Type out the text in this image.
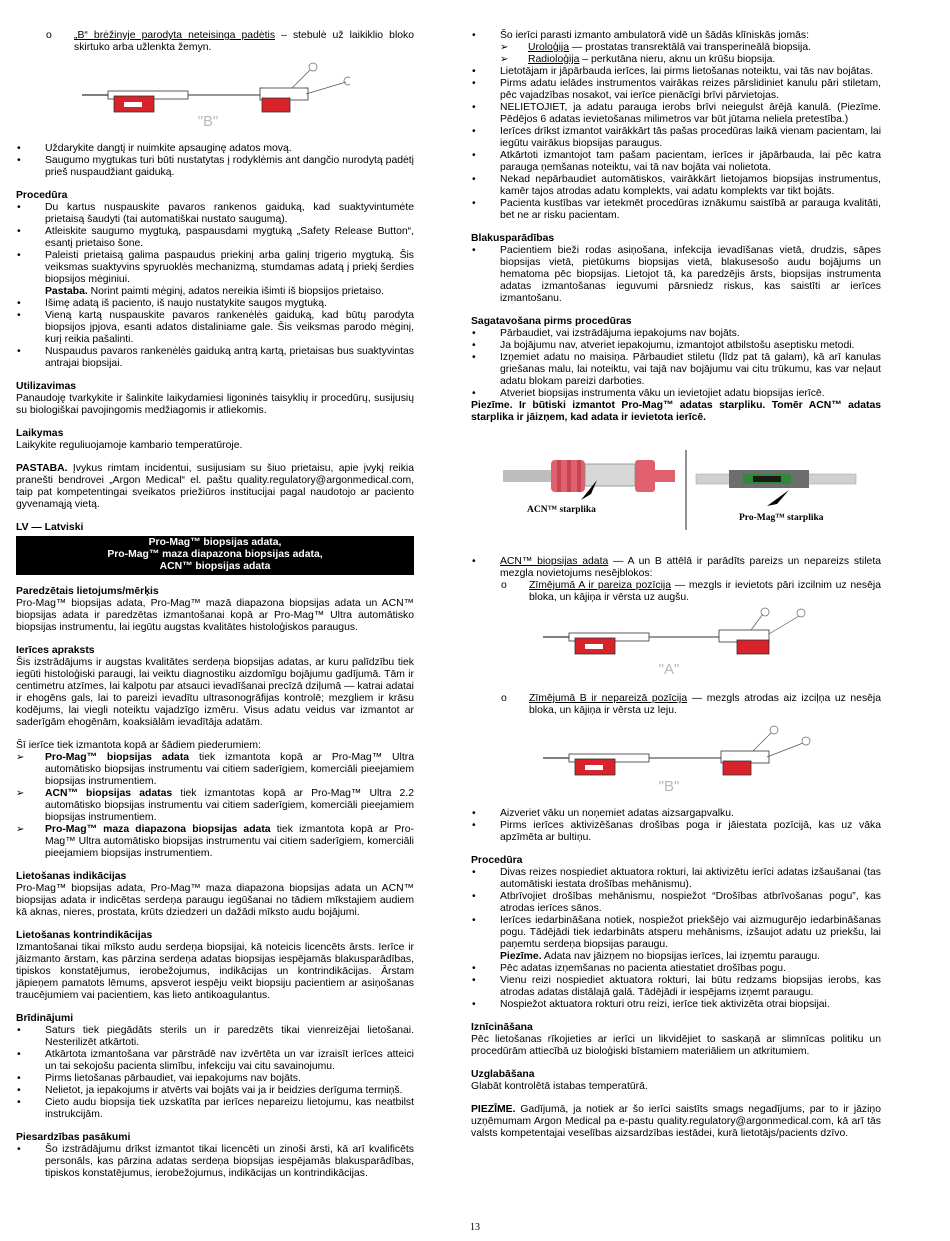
o „B“ brėžinyje parodyta neteisinga padėtis – stebulė už laikiklio bloko skirtuko arba užlenkta žemyn.
"B"
• Uždarykite dangtį ir nuimkite apsauginę adatos movą.
• Saugumo mygtukas turi būti nustatytas į rodyklėmis ant dangčio nurodytą padėtį prieš nuspaudžiant gaiduką.

Procedūra

• Du kartus nuspauskite pavaros rankenos gaiduką, kad suaktyvintumėte prietaisą šaudyti (tai automatiškai nustato saugumą).
• Atleiskite saugumo mygtuką, paspausdami mygtuką „Safety Release Button“, esantį prietaiso šone.
• Paleisti prietaisą galima paspaudus priekinį arba galinį trigerio mygtuką. Šis veiksmas suaktyvins spyruoklės mechanizmą, stumdamas adatą į priekį šerdies biopsijos mėginiui.
Pastaba. Norint paimti mėginį, adatos nereikia išimti iš biopsijos prietaiso.
• Išimę adatą iš paciento, iš naujo nustatykite saugos mygtuką.
• Vieną kartą nuspauskite pavaros rankenėlės gaiduką, kad būtų parodyta biopsijos įpjova, esanti adatos distaliniame gale. Šis veiksmas parodo mėginį, kurį reikia pašalinti.
• Nuspaudus pavaros rankenėlės gaiduką antrą kartą, prietaisas bus suaktyvintas antrajai biopsijai.

Utilizavimas

Panaudoję tvarkykite ir šalinkite laikydamiesi ligoninės taisyklių ir procedūrų, susijusių su biologiškai pavojingomis medžiagomis ir atliekomis.

Laikymas

Laikykite reguliuojamoje kambario temperatūroje.

PASTABA. Įvykus rimtam incidentui, susijusiam su šiuo prietaisu, apie įvykį reikia pranešti bendrovei „Argon Medical“ el. paštu quality.regulatory@argonmedical.com, taip pat kompetentingai sveikatos priežiūros institucijai pagal naudotojo ar paciento gyvenamąją vietą.

LV — Latviski

Pro-Mag™ biopsijas adata,
Pro-Mag™ maza diapazona biopsijas adata,
ACN™ biopsijas adata

Paredzētais lietojums/mērķis

Pro-Mag™ biopsijas adata, Pro-Mag™ mazā diapazona biopsijas adata un ACN™ biopsijas adata ir paredzētas izmantošanai kopā ar Pro-Mag™ Ultra automātisko biopsijas instrumentu, lai iegūtu augstas kvalitātes histoloģiskos paraugus.

Ierīces apraksts

Šis izstrādājums ir augstas kvalitātes serdeņa biopsijas adatas, ar kuru palīdzību tiek iegūti histoloģiski paraugi, lai veiktu diagnostiku aizdomīgu bojājumu gadījumā. Tām ir centimetru atzīmes, lai kalpotu par atsauci ievadīšanai precīzā dziļumā — katrai adatai ir ehogēns gals, lai to pareizi ievadītu ultrasonogrāfijas kontrolē; mezgliem ir krāsu kodējums, lai viegli noteiktu vajadzīgo izmēru. Visus adatu veidus var izmantot ar saderīgām ehogēnām, koaksiālām ievadītāja adatām.

Šī ierīce tiek izmantota kopā ar šādiem piederumiem:

➢ Pro-Mag™ biopsijas adata tiek izmantota kopā ar Pro-Mag™ Ultra automātisko biopsijas instrumentu vai citiem saderīgiem, komerciāli pieejamiem biopsijas instrumentiem.
➢ ACN™ biopsijas adatas tiek izmantotas kopā ar Pro-Mag™ Ultra 2.2 automātisko biopsijas instrumentu vai citiem saderīgiem, komerciāli pieejamiem biopsijas instrumentiem.
➢ Pro-Mag™ maza diapazona biopsijas adata tiek izmantota kopā ar Pro-Mag™ Ultra automātisko biopsijas instrumentu vai citiem saderīgiem, komerciāli pieejamiem biopsijas instrumentiem.

Lietošanas indikācijas

Pro-Mag™ biopsijas adata, Pro-Mag™ maza diapazona biopsijas adata un ACN™ biopsijas adata ir indicētas serdeņa paraugu iegūšanai no tādiem mīkstajiem audiem kā aknas, nieres, prostata, krūts dziedzeri un dažādi mīksto audu bojājumi.

Lietošanas kontrindikācijas

Izmantošanai tikai mīksto audu serdeņa biopsijai, kā noteicis licencēts ārsts. Ierīce ir jāizmanto ārstam, kas pārzina serdeņa adatas biopsijas iespējamās blakusparādības, tipiskos konstatējumus, ierobežojumus, indikācijas un kontrindikācijas. Ārstam jāpieņem pamatots lēmums, apsverot iespēju veikt biopsiju pacientiem ar asiņošanas traucējumiem vai pacientiem, kas lieto antikoagulantus.

Brīdinājumi

• Saturs tiek piegādāts sterils un ir paredzēts tikai vienreizējai lietošanai. Nesterilizēt atkārtoti.
• Atkārtota izmantošana var pārstrādē nav izvērtēta un var izraisīt ierīces atteici un tai sekojošu pacienta slimību, infekciju vai citu savainojumu.
• Pirms lietošanas pārbaudiet, vai iepakojums nav bojāts.
• Nelietot, ja iepakojums ir atvērts vai bojāts vai ja ir beidzies derīguma termiņš.
• Cieto audu biopsija tiek uzskatīta par ierīces nepareizu lietojumu, kas neatbilst instrukcijām.

Piesardzības pasākumi

• Šo izstrādājumu drīkst izmantot tikai licencēti un zinoši ārsti, kā arī kvalificēts personāls, kas pārzina adatas serdeņa biopsijas iespējamās blakusparādības, tipiskos konstatējumus, ierobežojumus, indikācijas un kontrindikācijas.
• Šo ierīci parasti izmanto ambulatorā vidē un šādās klīniskās jomās:
➢ Uroloģija — prostatas transrektālā vai transperineālā biopsija.
➢ Radioloģija – perkutāna nieru, aknu un krūšu biopsija.
• Lietotājam ir jāpārbauda ierīces, lai pirms lietošanas noteiktu, vai tās nav bojātas.
• Pirms adatu ielādes instrumentos vairākas reizes pārslidiniet kanulu pāri stiletam, pēc vajadzības nosakot, vai ierīce pienācīgi brīvi pārvietojas.
• NELIETOJIET, ja adatu parauga ierobs brīvi neiegulst ārējā kanulā. (Piezīme. Pēdējos 6 adatas ievietošanas milimetros var būt jūtama neliela pretestība.)
• Ierīces drīkst izmantot vairākkārt tās pašas procedūras laikā vienam pacientam, lai iegūtu vairākus biopsijas paraugus.
• Atkārtoti izmantojot tam pašam pacientam, ierīces ir jāpārbauda, lai pēc katra parauga ņemšanas noteiktu, vai tā nav bojāta vai nolietota.
• Nekad nepārbaudiet automātiskos, vairākkārt lietojamos biopsijas instrumentus, kamēr tajos atrodas adatu komplekts, vai adatu komplekts var tikt bojāts.
• Pacienta kustības var ietekmēt procedūras iznākumu saistībā ar parauga kvalitāti, bet ne ar risku pacientam.

Blakusparādības

• Pacientiem bieži rodas asiņošana, infekcija ievadīšanas vietā, drudzis, sāpes biopsijas vietā, pietūkums biopsijas vietā, blakusesošo audu bojājums un hematoma pēc biopsijas. Lietojot tā, ka paredzējis ārsts, biopsijas instrumenta adatas izmantošanas ieguvumi pārsniedz riskus, kas saistīti ar ierīces izmantošanu.

Sagatavošana pirms procedūras

• Pārbaudiet, vai izstrādājuma iepakojums nav bojāts.
• Ja bojājumu nav, atveriet iepakojumu, izmantojot atbilstošu aseptisku metodi.
• Izņemiet adatu no maisiņa. Pārbaudiet stiletu (līdz pat tā galam), kā arī kanulas griešanas malu, lai noteiktu, vai tajā nav bojājumu vai citu trūkumu, kas var neļaut adatu blokam pareizi darboties.
• Atveriet biopsijas instrumenta vāku un ievietojiet adatu biopsijas ierīcē.

Piezīme. Ir būtiski izmantot Pro-Mag™ adatas starpliku. Tomēr ACN™ adatas starplika ir jāizņem, kad adata ir ievietota ierīcē.

ACN™ starplika
Pro-Mag™ starplika
• ACN™ biopsijas adata — A un B attēlā ir parādīts pareizs un nepareizs stileta mezgla novietojums nesējblokos:
o Zīmējumā A ir pareiza pozīcija — mezgls ir ievietots pāri izcilnim uz nesēja bloka, un kājiņa ir vērsta uz augšu.
"A"
o Zīmējumā B ir nepareizā pozīcija — mezgls atrodas aiz izciļņa uz nesēja bloka, un kājiņa ir vērsta uz leju.
"B"
• Aizveriet vāku un noņemiet adatas aizsargapvalku.
• Pirms ierīces aktivizēšanas drošības poga ir jāiestata pozīcijā, kas uz vāka apzīmēta ar bultiņu.

Procedūra

• Divas reizes nospiediet aktuatora rokturi, lai aktivizētu ierīci adatas izšaušanai (tas automātiski iestata drošības mehānismu).
• Atbrīvojiet drošības mehānismu, nospiežot “Drošības atbrīvošanas pogu”, kas atrodas ierīces sānos.
• Ierīces iedarbināšana notiek, nospiežot priekšējo vai aizmugurējo iedarbināšanas pogu. Tādējādi tiek iedarbināts atsperu mehānisms, izšaujot adatu uz priekšu, lai paņemtu serdeņa biopsijas paraugu.
Piezīme. Adata nav jāizņem no biopsijas ierīces, lai izņemtu paraugu.
• Pēc adatas izņemšanas no pacienta atiestatiet drošības pogu.
• Vienu reizi nospiediet aktuatora rokturi, lai būtu redzams biopsijas ierobs, kas atrodas adatas distālajā galā. Tādējādi ir iespējams izņemt paraugu.
• Nospiežot aktuatora rokturi otru reizi, ierīce tiek aktivizēta otrai biopsijai.

Iznīcināšana

Pēc lietošanas rīkojieties ar ierīci un likvidējiet to saskaņā ar slimnīcas politiku un procedūrām attiecībā uz bioloģiski bīstamiem materiāliem un atkritumiem.

Uzglabāšana

Glabāt kontrolētā istabas temperatūrā.

PIEZĪME. Gadījumā, ja notiek ar šo ierīci saistīts smags negadījums, par to ir jāziņo uzņēmumam Argon Medical pa e-pastu quality.regulatory@argonmedical.com, kā arī tās valsts kompetentajai veselības aizsardzības iestādei, kurā lietotājs/pacients dzīvo.

13
